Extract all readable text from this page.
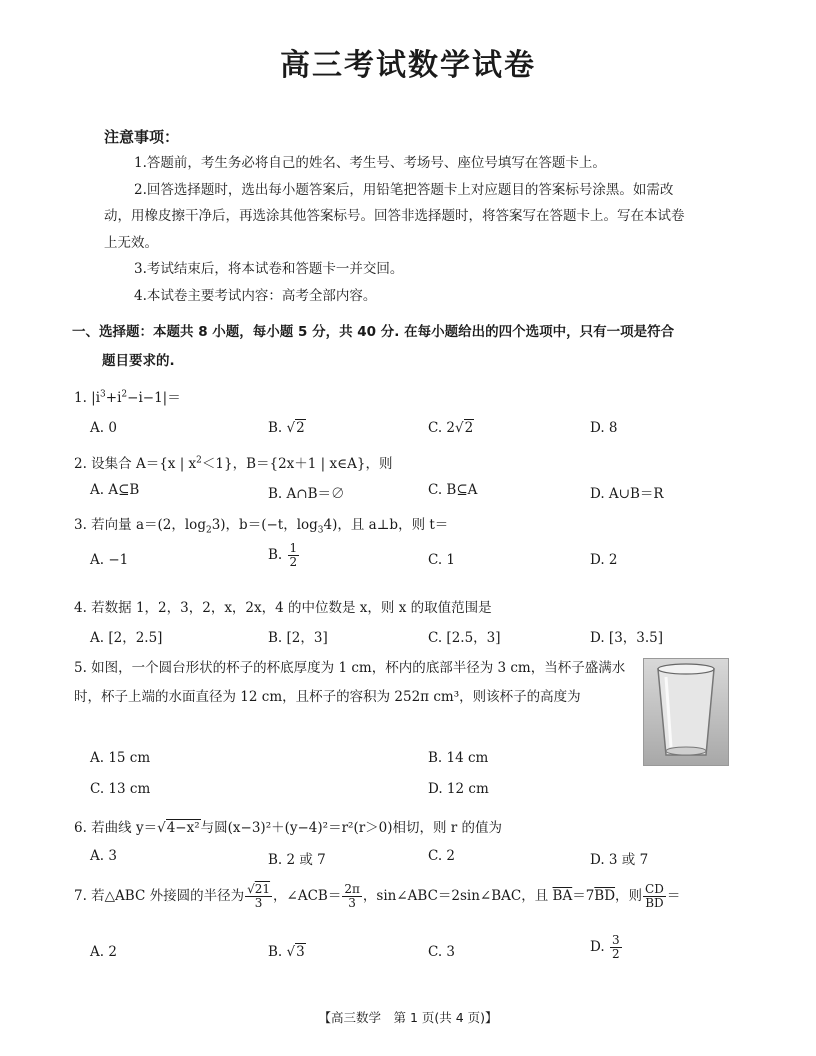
高三考试数学试卷
注意事项：

1.答题前，考生务必将自己的姓名、考生号、考场号、座位号填写在答题卡上。

2.回答选择题时，选出每小题答案后，用铅笔把答题卡上对应题目的答案标号涂黑。如需改动，用橡皮擦干净后，再选涂其他答案标号。回答非选择题时，将答案写在答题卡上。写在本试卷上无效。

3.考试结束后，将本试卷和答题卡一并交回。

4.本试卷主要考试内容：高考全部内容。

一、选择题：本题共 8 小题，每小题 5 分，共 40 分. 在每小题给出的四个选项中，只有一项是符合
题目要求的.
1. $|i^3+i^2-i-1|=$
A. 0	B. √2	C. 2√2	D. 8
2. 设集合 A＝{x | $x^2<1$}，B＝{2x＋1 | x∈A}，则
A. A⊆B	B. A∩B＝∅	C. B⊆A	D. A∪B＝R
3. 若向量 a＝(2，$\log_23$)，b＝(−t，$\log_34$)，且 a⊥b，则 t＝
A. −1	B. $\frac{1}{2}$	C. 1	D. 2
4. 若数据 1，2，3，2，x，2x，4 的中位数是 x，则 x 的取值范围是
A. [2，2.5]	B. [2，3]	C. [2.5，3]	D. [3，3.5]
5. 如图，一个圆台形状的杯子的杯底厚度为 1 cm，杯内的底部半径为 3 cm，当杯子盛满水时，杯子上端的水面直径为 12 cm，且杯子的容积为 252π cm³，则该杯子的高度为
A. 15 cm	B. 14 cm
C. 13 cm	D. 12 cm
6. 若曲线 y＝√4−x²与圆(x−3)²＋(y−4)²＝r²(r＞0)相切，则 r 的值为
A. 3	B. 2 或 7	C. 2	D. 3 或 7
7. 若△ABC 外接圆的半径为 $\frac{√21}{3}$ ，∠ACB＝ $\frac{2\pi}{3}$ ，sin∠ABC＝2sin∠BAC，且 $\overline{BA}=7\overline{BD}$，则 $\frac{CD}{BD}$ ＝
A. 2	B. √3	C. 3	D. $\frac{3}{2}$
【高三数学　第 1 页(共 4 页)】
